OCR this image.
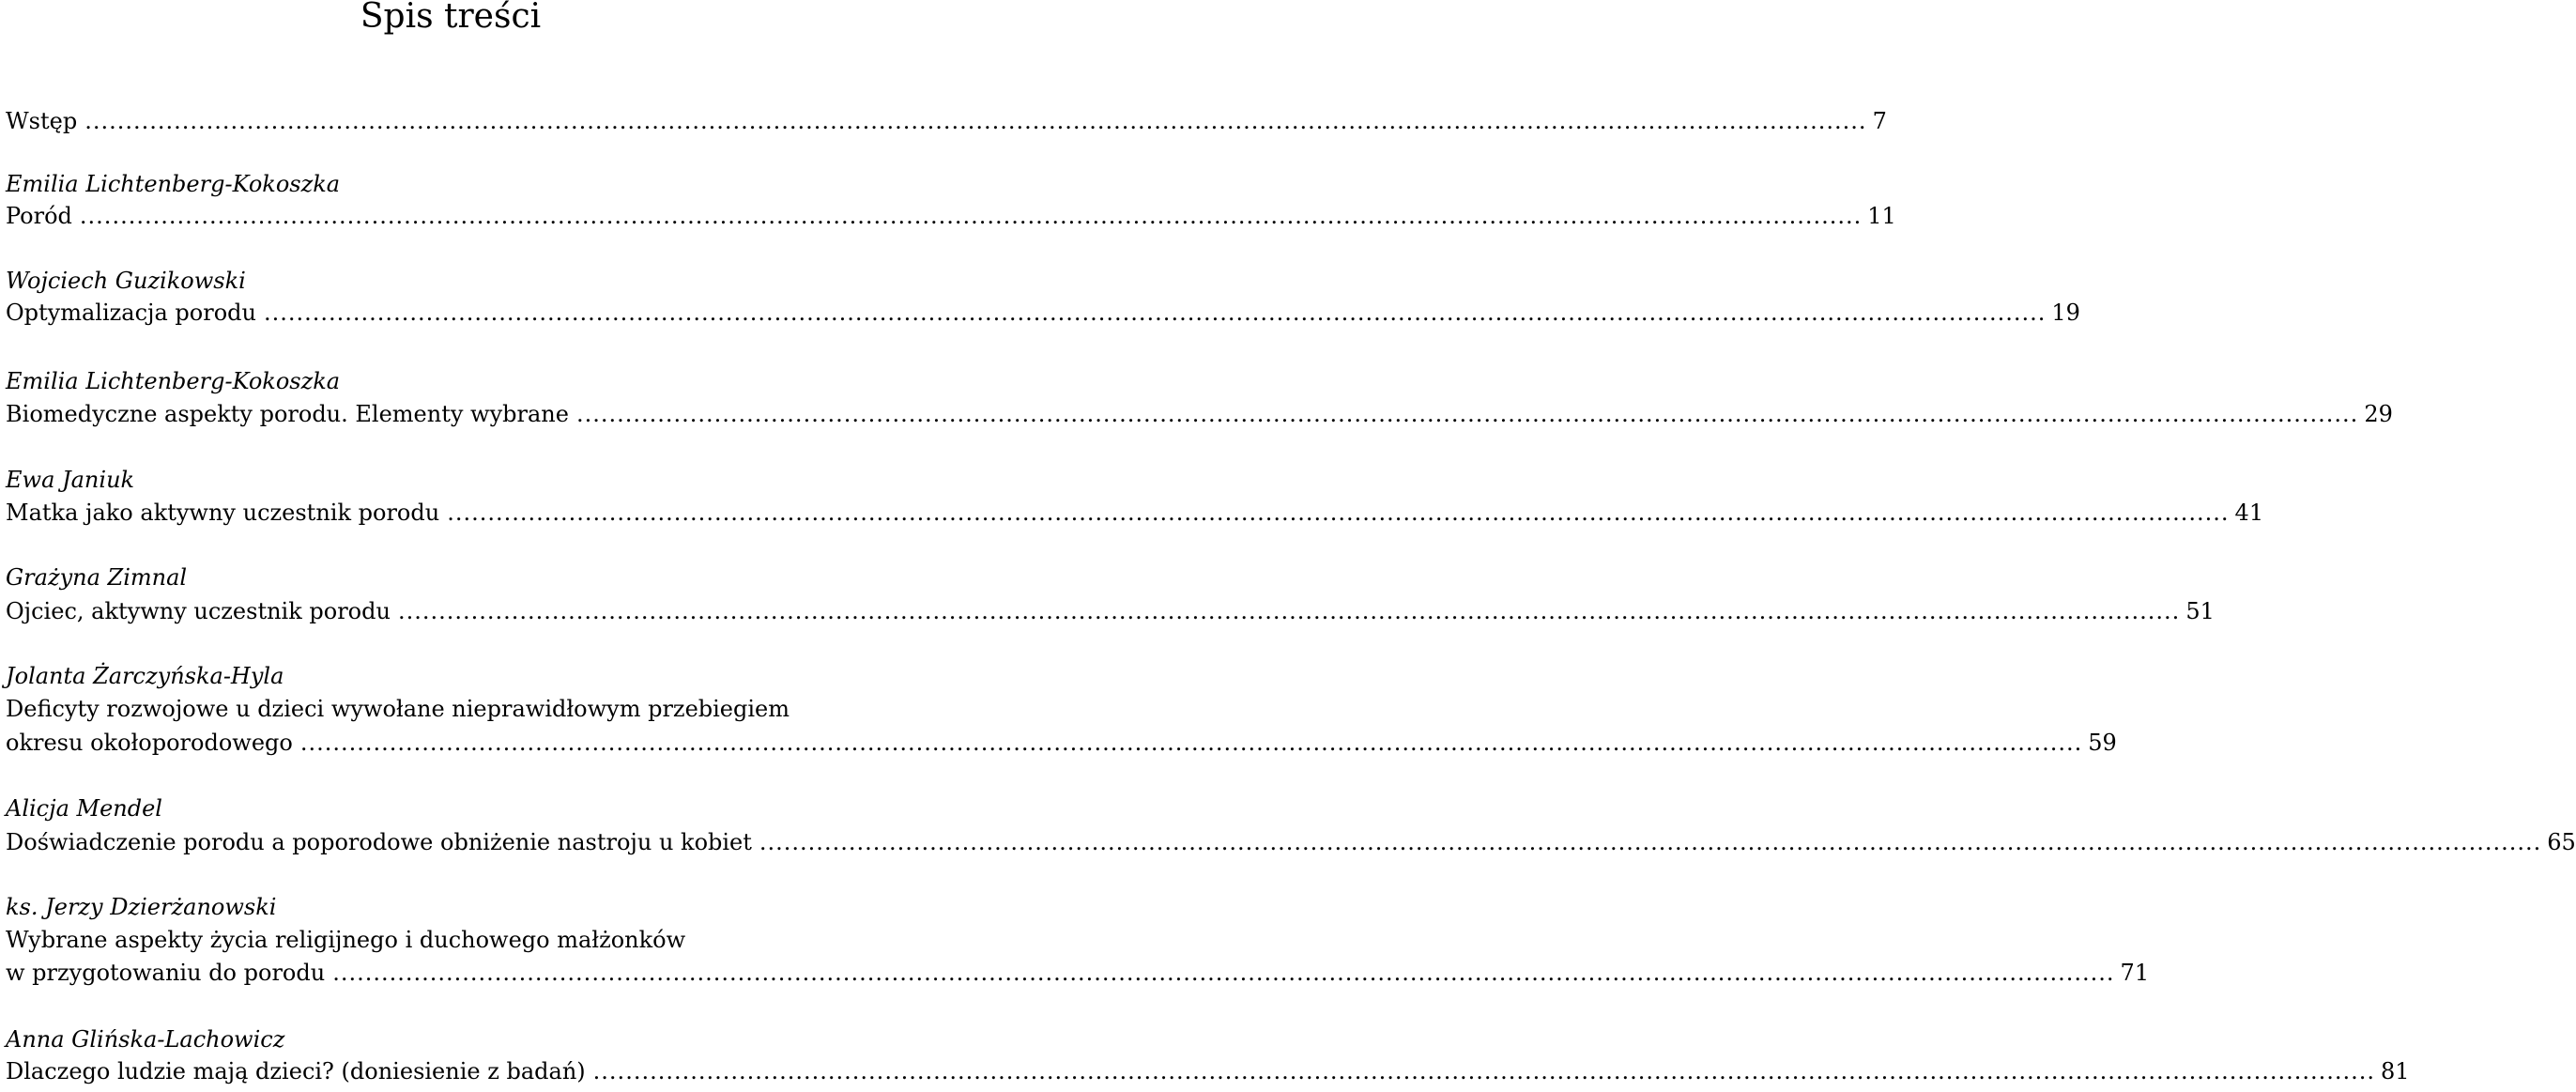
Spis treści
Wstęp ............................................................................................................................................................................................................................ 7
Emilia Lichtenberg-Kokoszka
Poród ............................................................................................................................................................................................................................ 11
Wojciech Guzikowski
Optymalizacja porodu ............................................................................................................................................................................................................................ 19
Emilia Lichtenberg-Kokoszka
Biomedyczne aspekty porodu. Elementy wybrane ............................................................................................................................................................................................................................ 29
Ewa Janiuk
Matka jako aktywny uczestnik porodu ............................................................................................................................................................................................................................ 41
Grażyna Zimnal
Ojciec, aktywny uczestnik porodu ............................................................................................................................................................................................................................ 51
Jolanta Żarczyńska-Hyla
Deficyty rozwojowe u dzieci wywołane nieprawidłowym przebiegiem
okresu okołoporodowego ............................................................................................................................................................................................................................ 59
Alicja Mendel
Doświadczenie porodu a poporodowe obniżenie nastroju u kobiet ............................................................................................................................................................................................................................ 65
ks. Jerzy Dzierżanowski
Wybrane aspekty życia religijnego i duchowego małżonków
w przygotowaniu do porodu ............................................................................................................................................................................................................................ 71
Anna Glińska-Lachowicz
Dlaczego ludzie mają dzieci? (doniesienie z badań) ............................................................................................................................................................................................................................ 81
